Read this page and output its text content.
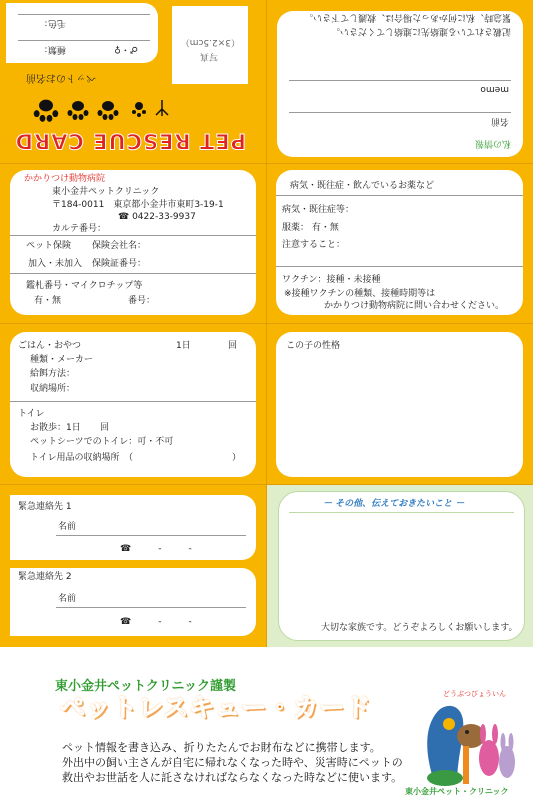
PET RESCUE CARD
ペットのお名前
写真
（3×2.5cm）
種類：	♂・♀
毛色：
私の情報
名前
memo
記載されている連絡先に連絡してください。
緊急時、私に何かあった場合は、救護して下さい。
かかりつけ動物病院
東小金井ペットクリニック
〒184-0011　東京都小金井市東町3-19-1
☎ 0422-33-9937
カルテ番号：
ペット保険 保険会社名：
加入・未加入 保険証番号：
鑑札番号・マイクロチップ等
有・無	番号：
病気・既往症・飲んでいるお薬など
病気・既往症等：
服薬： 有・無
注意すること：
ワクチン：接種・未接種
※接種ワクチンの種類、接種時期等は
かかりつけ動物病院に問い合わせください。
ごはん・おやつ	1日	回
種類・メーカー
給餌方法：
収納場所：
トイレ
お散歩：1日 回
ペットシーツでのトイレ：可・不可
トイレ用品の収納場所　（	）
この子の性格
緊急連絡先 1
名前
☎　　　-　　　-
緊急連絡先 2
名前
☎　　　-　　　-
－ その他、伝えておきたいこと －
大切な家族です。どうぞよろしくお願いします。
東小金井ペットクリニック謹製
ペットレスキュー・カード
ペット情報を書き込み、折りたたんでお財布などに携帯します。
外出中の飼い主さんが自宅に帰れなくなった時や、災害時にペットの
救出やお世話を人に託さなければならなくなった時などに使います。
どうぶつびょういん
東小金井ペット・クリニック
